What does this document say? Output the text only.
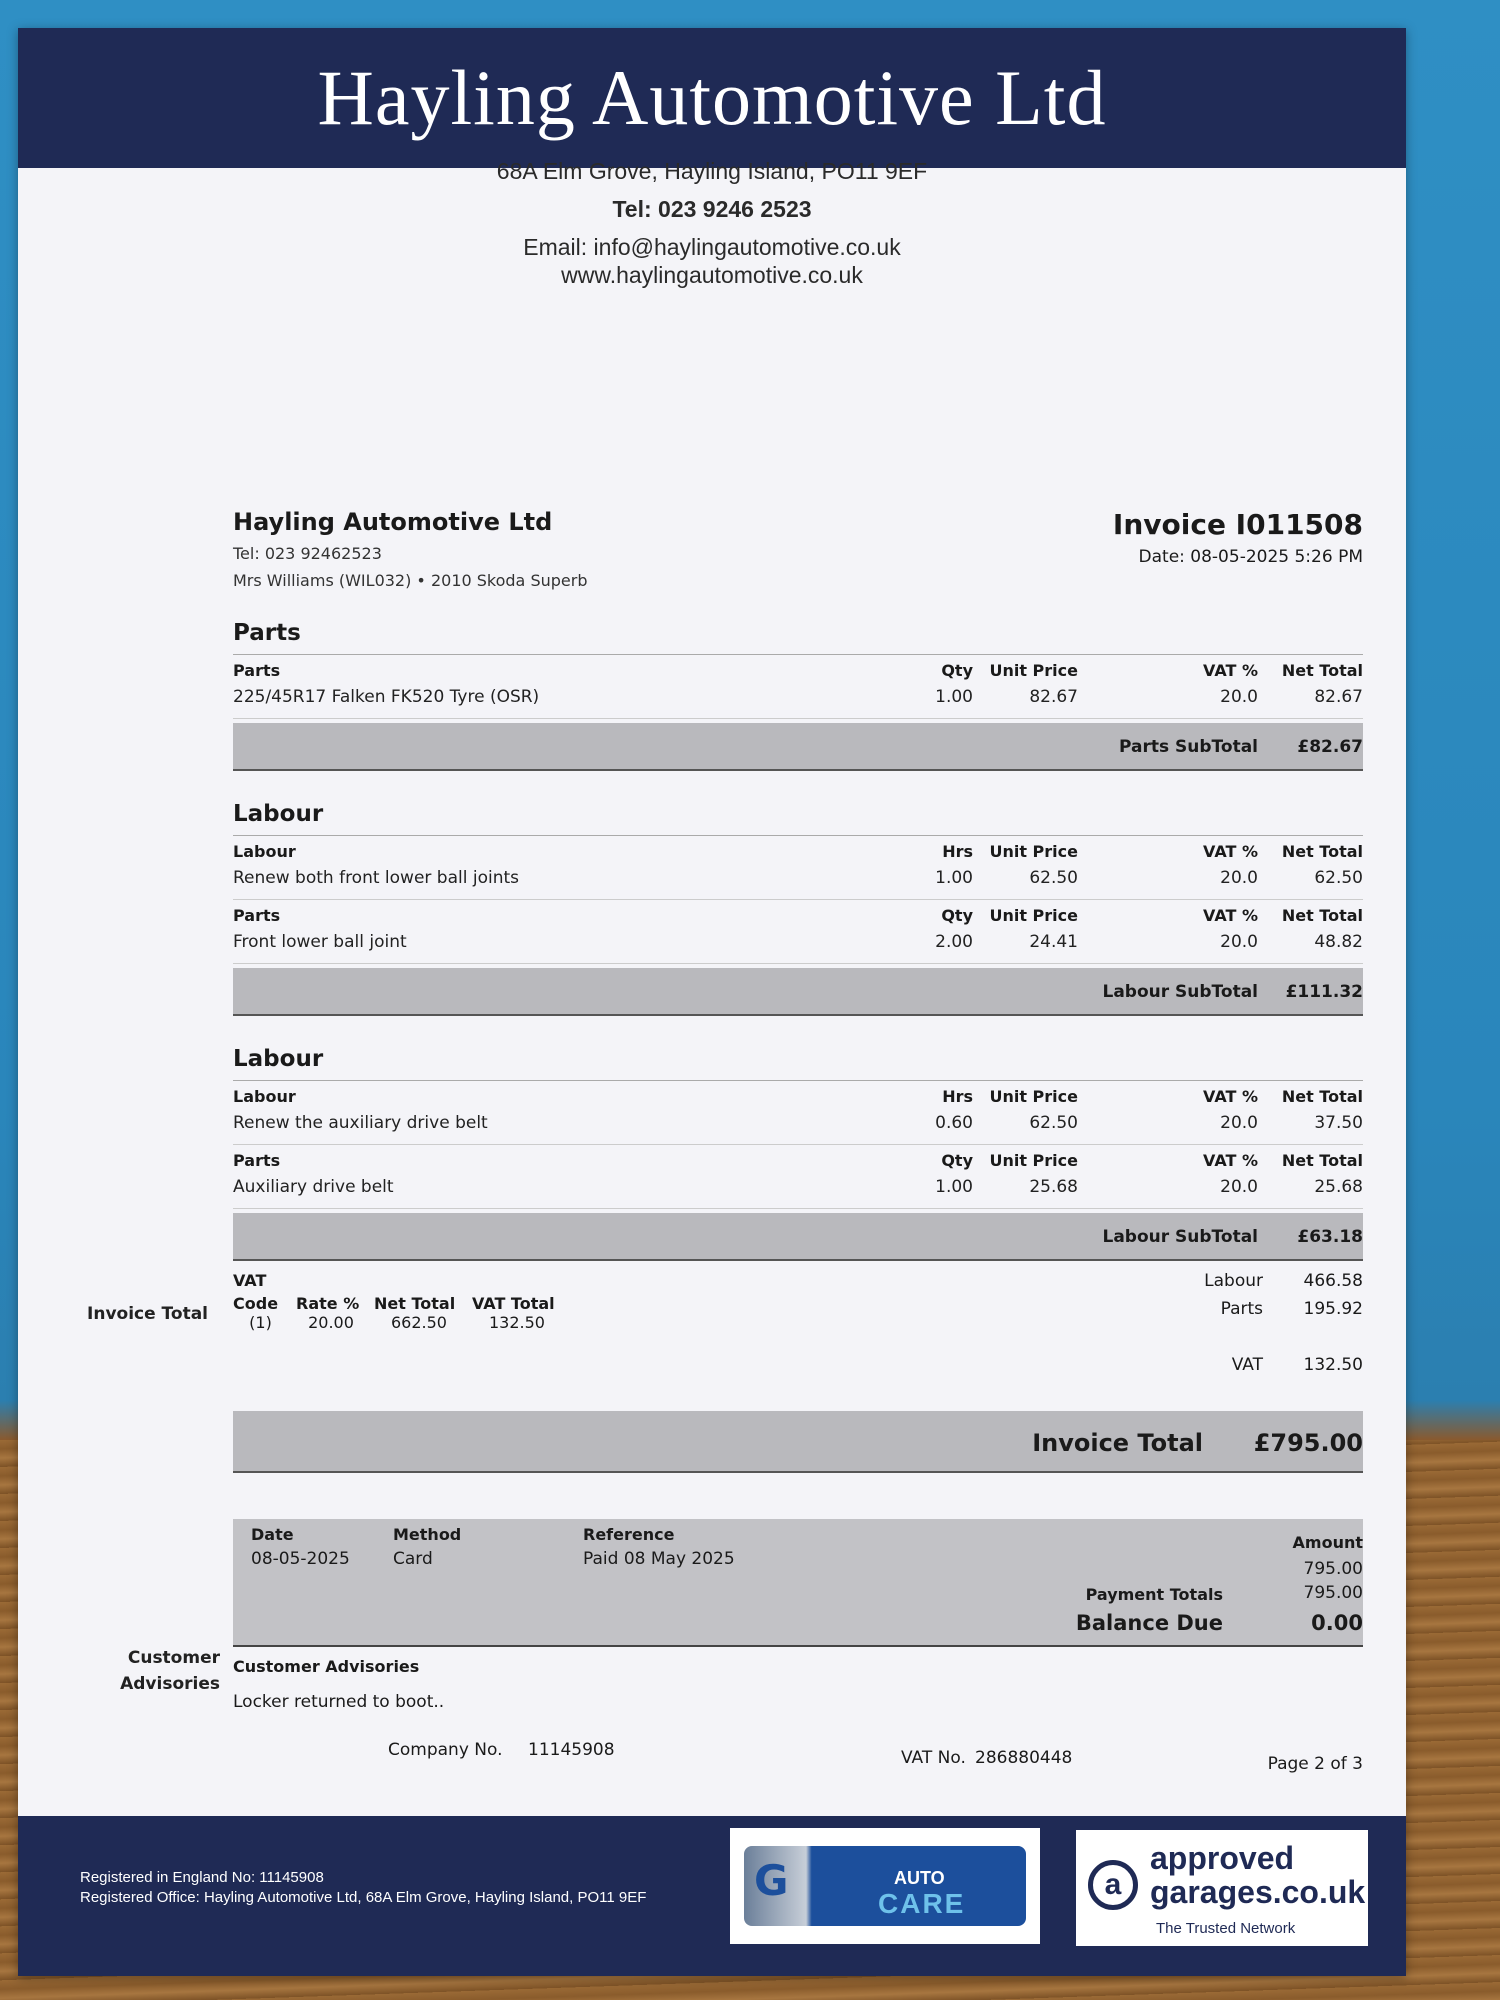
Hayling Automotive Ltd
68A Elm Grove, Hayling Island, PO11 9EF
Tel: 023 9246 2523
Email: info@haylingautomotive.co.uk
www.haylingautomotive.co.uk
Invoice Total
Customer
Advisories
Hayling Automotive Ltd
Tel: 023 92462523
Mrs Williams (WIL032) • 2010 Skoda Superb
Invoice I011508
Date: 08-05-2025 5:26 PM
Parts
Parts	Qty Unit Price	VAT % Net Total
225/45R17 Falken FK520 Tyre (OSR)	1.00	82.67	20.0	82.67
Parts SubTotal £82.67
Labour
Labour	Hrs Unit Price	VAT % Net Total
Renew both front lower ball joints	1.00	62.50	20.0	62.50
Parts	Qty Unit Price	VAT % Net Total
Front lower ball joint	2.00	24.41	20.0	48.82
Labour SubTotal £111.32
Labour
Labour	Hrs Unit Price	VAT % Net Total
Renew the auxiliary drive belt	0.60	62.50	20.0	37.50
Parts	Qty Unit Price	VAT % Net Total
Auxiliary drive belt	1.00	25.68	20.0	25.68
Labour SubTotal £63.18
VAT
Code	Rate % Net Total	VAT Total
(1)	20.00	662.50	132.50
Labour 466.58
Parts 195.92
VAT 132.50
Invoice Total £795.00
Date
08-05-2025
Method
Card
Reference
Paid 08 May 2025
Amount
795.00
Payment Totals	795.00
Balance Due	0.00
Customer Advisories
Locker returned to boot..
Company No. 11145908	VAT No. 286880448	Page 2 of 3
Registered in England No: 11145908
Registered Office: Hayling Automotive Ltd, 68A Elm Grove, Hayling Island, PO11 9EF	G	AUTO
CARE
a
approved
garages.co.uk
The Trusted Network
